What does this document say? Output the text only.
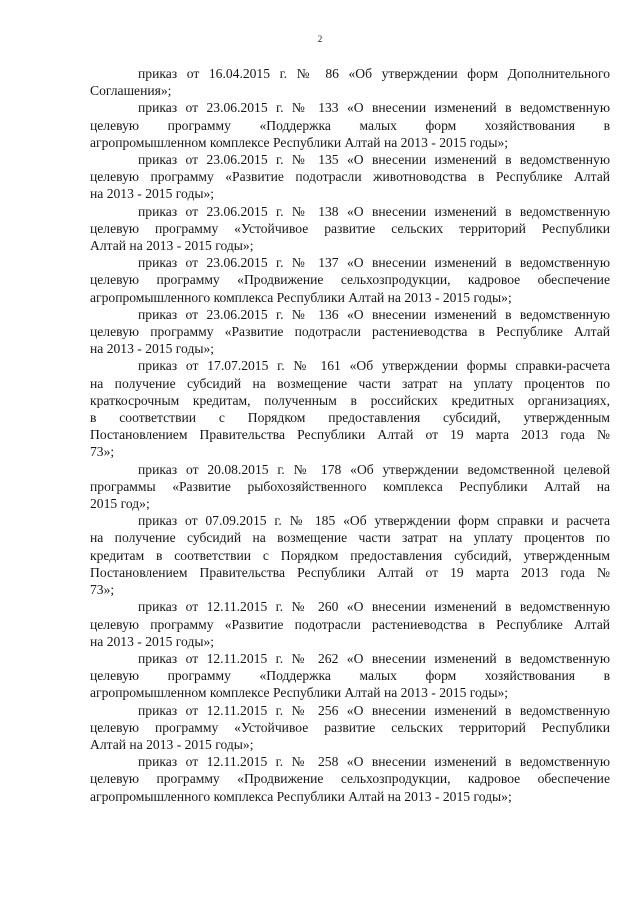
2
приказ от 16.04.2015 г. № 86 «Об утверждении форм Дополнительного
Соглашения»;
приказ от 23.06.2015 г. № 133 «О внесении изменений в ведомственную
целевую программу «Поддержка малых форм хозяйствования в
агропромышленном комплексе Республики Алтай на 2013 - 2015 годы»;
приказ от 23.06.2015 г. № 135 «О внесении изменений в ведомственную
целевую программу «Развитие подотрасли животноводства в Республике Алтай
на 2013 - 2015 годы»;
приказ от 23.06.2015 г. № 138 «О внесении изменений в ведомственную
целевую программу «Устойчивое развитие сельских территорий Республики
Алтай на 2013 - 2015 годы»;
приказ от 23.06.2015 г. № 137 «О внесении изменений в ведомственную
целевую программу «Продвижение сельхозпродукции, кадровое обеспечение
агропромышленного комплекса Республики Алтай на 2013 - 2015 годы»;
приказ от 23.06.2015 г. № 136 «О внесении изменений в ведомственную
целевую программу «Развитие подотрасли растениеводства в Республике Алтай
на 2013 - 2015 годы»;
приказ от 17.07.2015 г. № 161 «Об утверждении формы справки-расчета
на получение субсидий на возмещение части затрат на уплату процентов по
краткосрочным кредитам, полученным в российских кредитных организациях,
в соответствии с Порядком предоставления субсидий, утвержденным
Постановлением Правительства Республики Алтай от 19 марта 2013 года №
73»;
приказ от 20.08.2015 г. № 178 «Об утверждении ведомственной целевой
программы «Развитие рыбохозяйственного комплекса Республики Алтай на
2015 год»;
приказ от 07.09.2015 г. № 185 «Об утверждении форм справки и расчета
на получение субсидий на возмещение части затрат на уплату процентов по
кредитам в соответствии с Порядком предоставления субсидий, утвержденным
Постановлением Правительства Республики Алтай от 19 марта 2013 года №
73»;
приказ от 12.11.2015 г. № 260 «О внесении изменений в ведомственную
целевую программу «Развитие подотрасли растениеводства в Республике Алтай
на 2013 - 2015 годы»;
приказ от 12.11.2015 г. № 262 «О внесении изменений в ведомственную
целевую программу «Поддержка малых форм хозяйствования в
агропромышленном комплексе Республики Алтай на 2013 - 2015 годы»;
приказ от 12.11.2015 г. № 256 «О внесении изменений в ведомственную
целевую программу «Устойчивое развитие сельских территорий Республики
Алтай на 2013 - 2015 годы»;
приказ от 12.11.2015 г. № 258 «О внесении изменений в ведомственную
целевую программу «Продвижение сельхозпродукции, кадровое обеспечение
агропромышленного комплекса Республики Алтай на 2013 - 2015 годы»;
